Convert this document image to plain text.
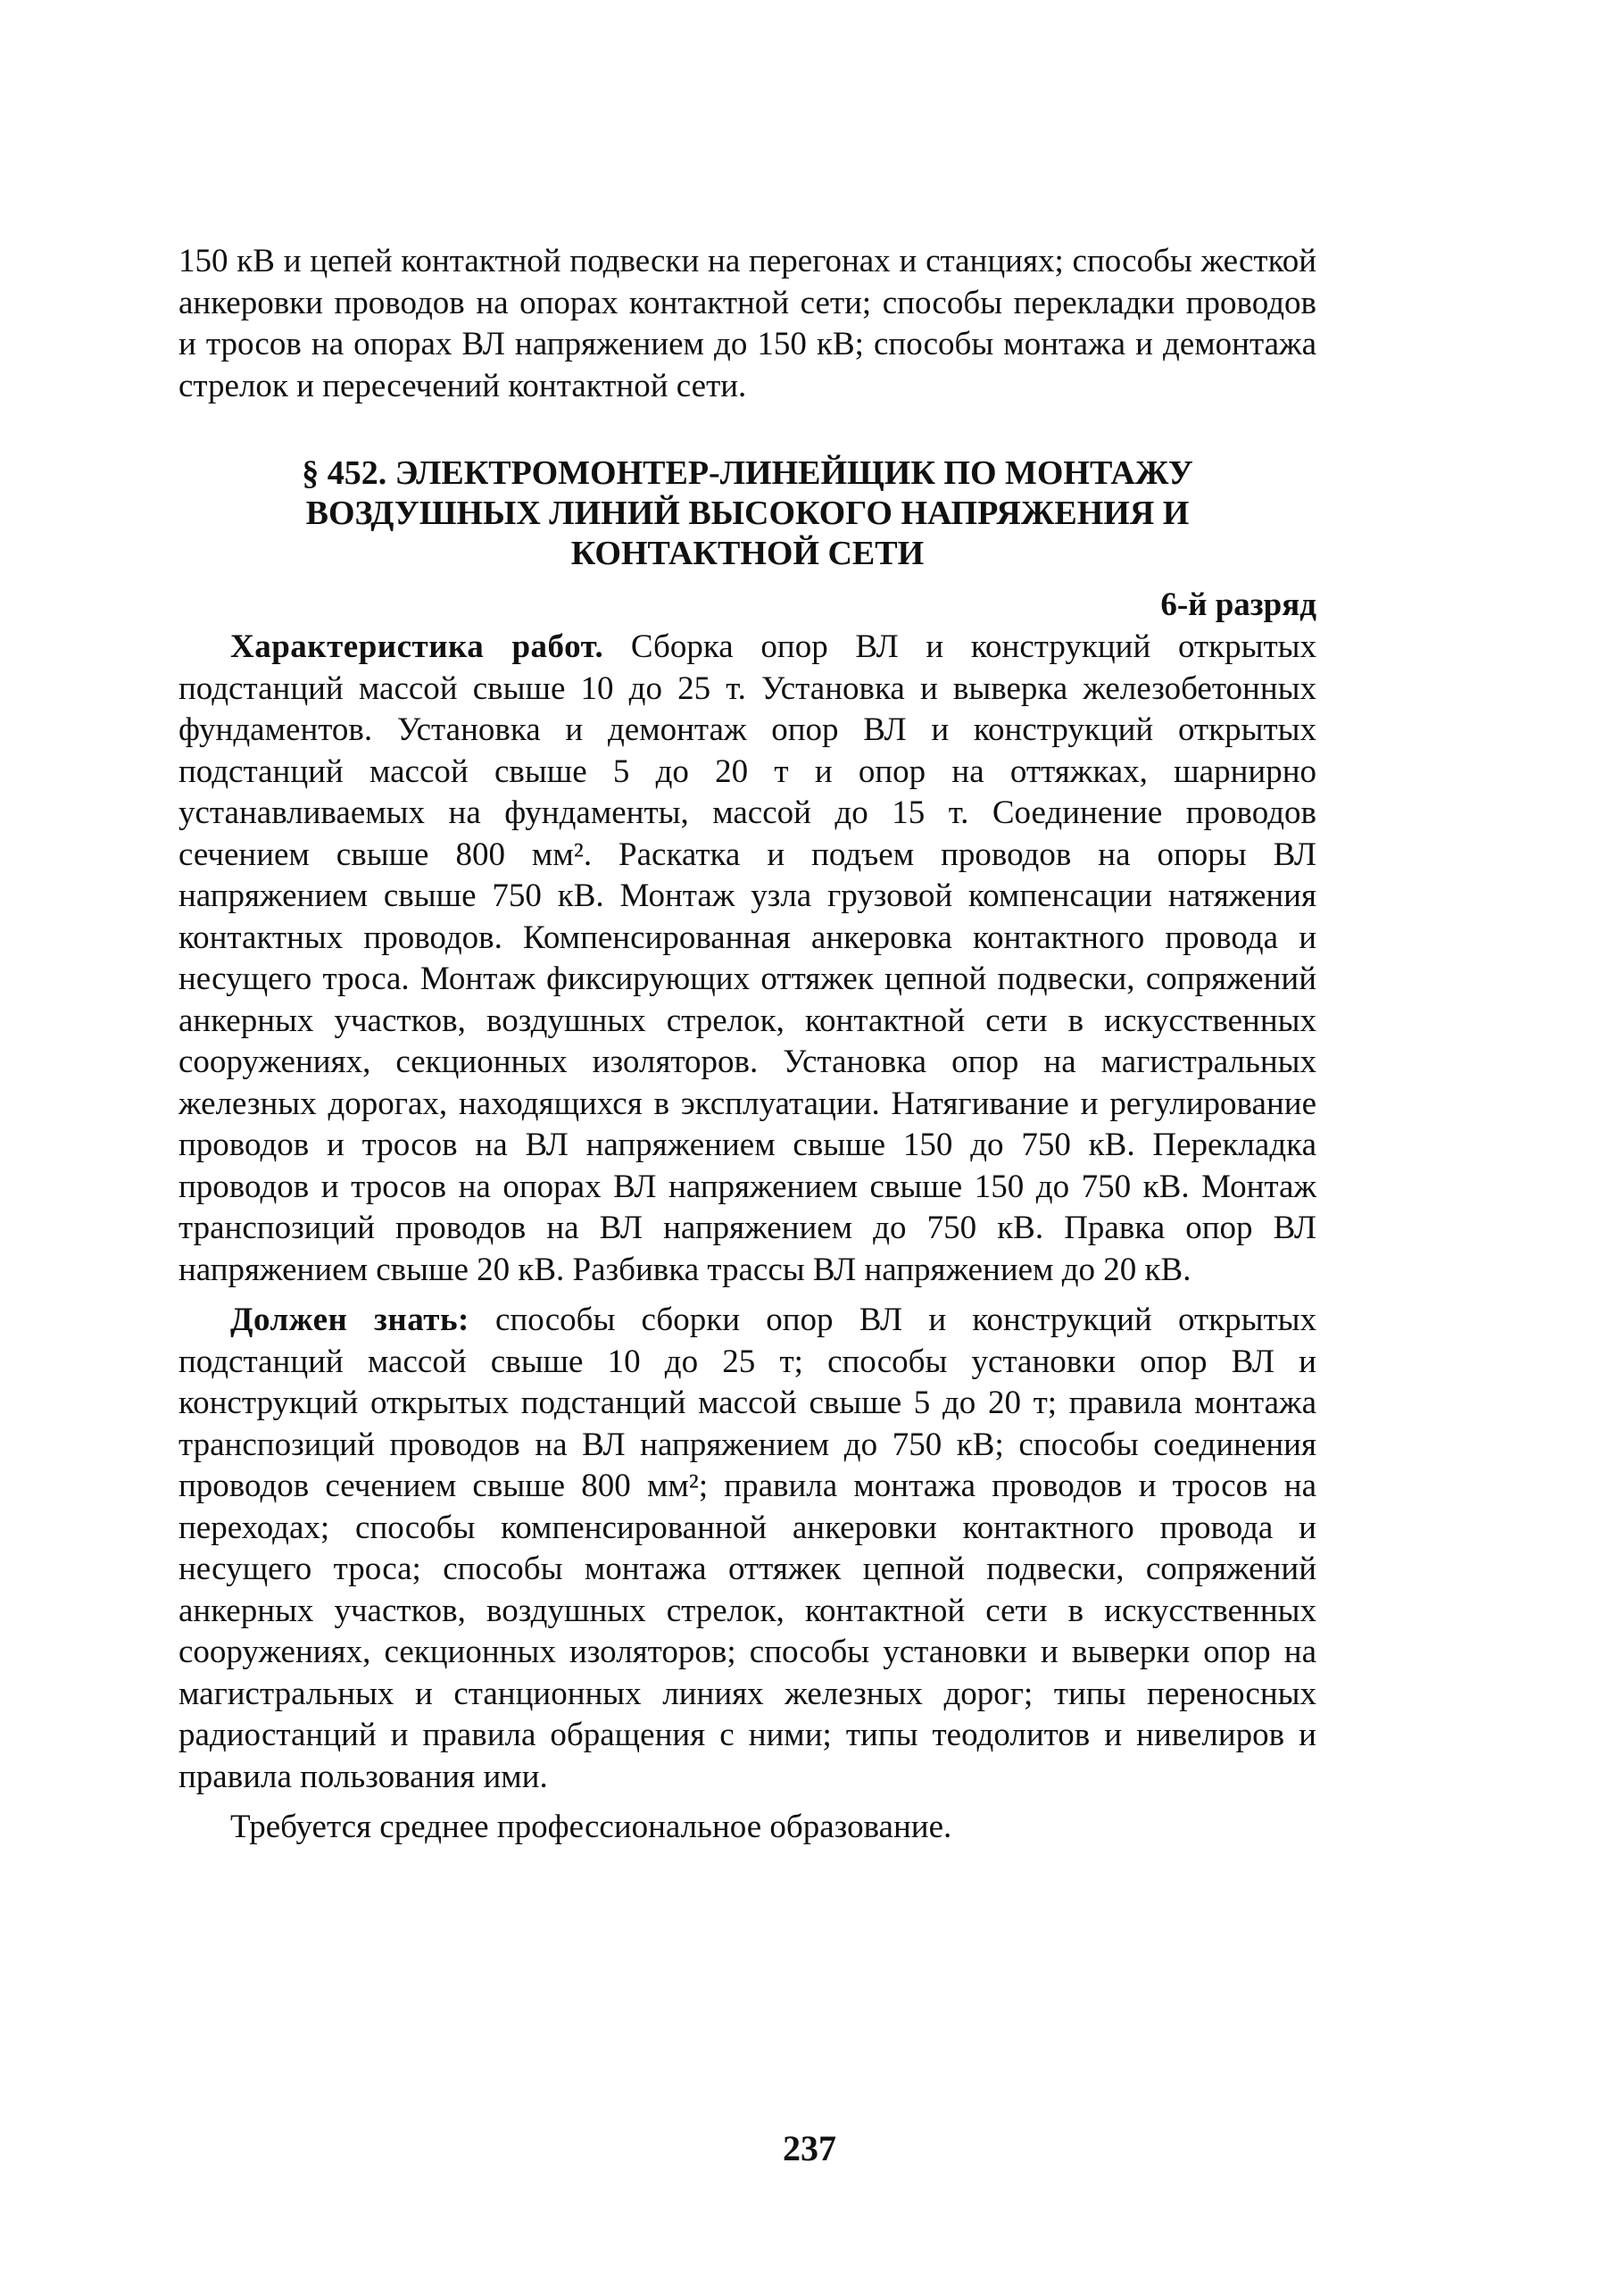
150 кВ и цепей контактной подвески на перегонах и станциях; способы жесткой анкеровки проводов на опорах контактной сети; способы перекладки проводов и тросов на опорах ВЛ напряжением до 150 кВ; способы монтажа и демонтажа стрелок и пересечений контактной сети.

§ 452. ЭЛЕКТРОМОНТЕР-ЛИНЕЙЩИК ПО МОНТАЖУ
ВОЗДУШНЫХ ЛИНИЙ ВЫСОКОГО НАПРЯЖЕНИЯ И
КОНТАКТНОЙ СЕТИ

6-й разряд

Характеристика работ. Сборка опор ВЛ и конструкций открытых подстанций массой свыше 10 до 25 т. Установка и выверка железобетонных фундаментов. Установка и демонтаж опор ВЛ и конструкций открытых подстанций массой свыше 5 до 20 т и опор на оттяжках, шарнирно устанавливаемых на фундаменты, массой до 15 т. Соединение проводов сечением свыше 800 мм². Раскатка и подъем проводов на опоры ВЛ напряжением свыше 750 кВ. Монтаж узла грузовой компенсации натяжения контактных проводов. Компенсированная анкеровка контактного провода и несущего троса. Монтаж фиксирующих оттяжек цепной подвески, сопряжений анкерных участков, воздушных стрелок, контактной сети в искусственных сооружениях, секционных изоляторов. Установка опор на магистральных железных дорогах, находящихся в эксплуатации. Натягивание и регулирование проводов и тросов на ВЛ напряжением свыше 150 до 750 кВ. Перекладка проводов и тросов на опорах ВЛ напряжением свыше 150 до 750 кВ. Монтаж транспозиций проводов на ВЛ напряжением до 750 кВ. Правка опор ВЛ напряжением свыше 20 кВ. Разбивка трассы ВЛ напряжением до 20 кВ.

Должен знать: способы сборки опор ВЛ и конструкций открытых подстанций массой свыше 10 до 25 т; способы установки опор ВЛ и конструкций открытых подстанций массой свыше 5 до 20 т; правила монтажа транспозиций проводов на ВЛ напряжением до 750 кВ; способы соединения проводов сечением свыше 800 мм²; правила монтажа проводов и тросов на переходах; способы компенсированной анкеровки контактного провода и несущего троса; способы монтажа оттяжек цепной подвески, сопряжений анкерных участков, воздушных стрелок, контактной сети в искусственных сооружениях, секционных изоляторов; способы установки и выверки опор на магистральных и станционных линиях железных дорог; типы переносных радиостанций и правила обращения с ними; типы теодолитов и нивелиров и правила пользования ими.

Требуется среднее профессиональное образование.

237
